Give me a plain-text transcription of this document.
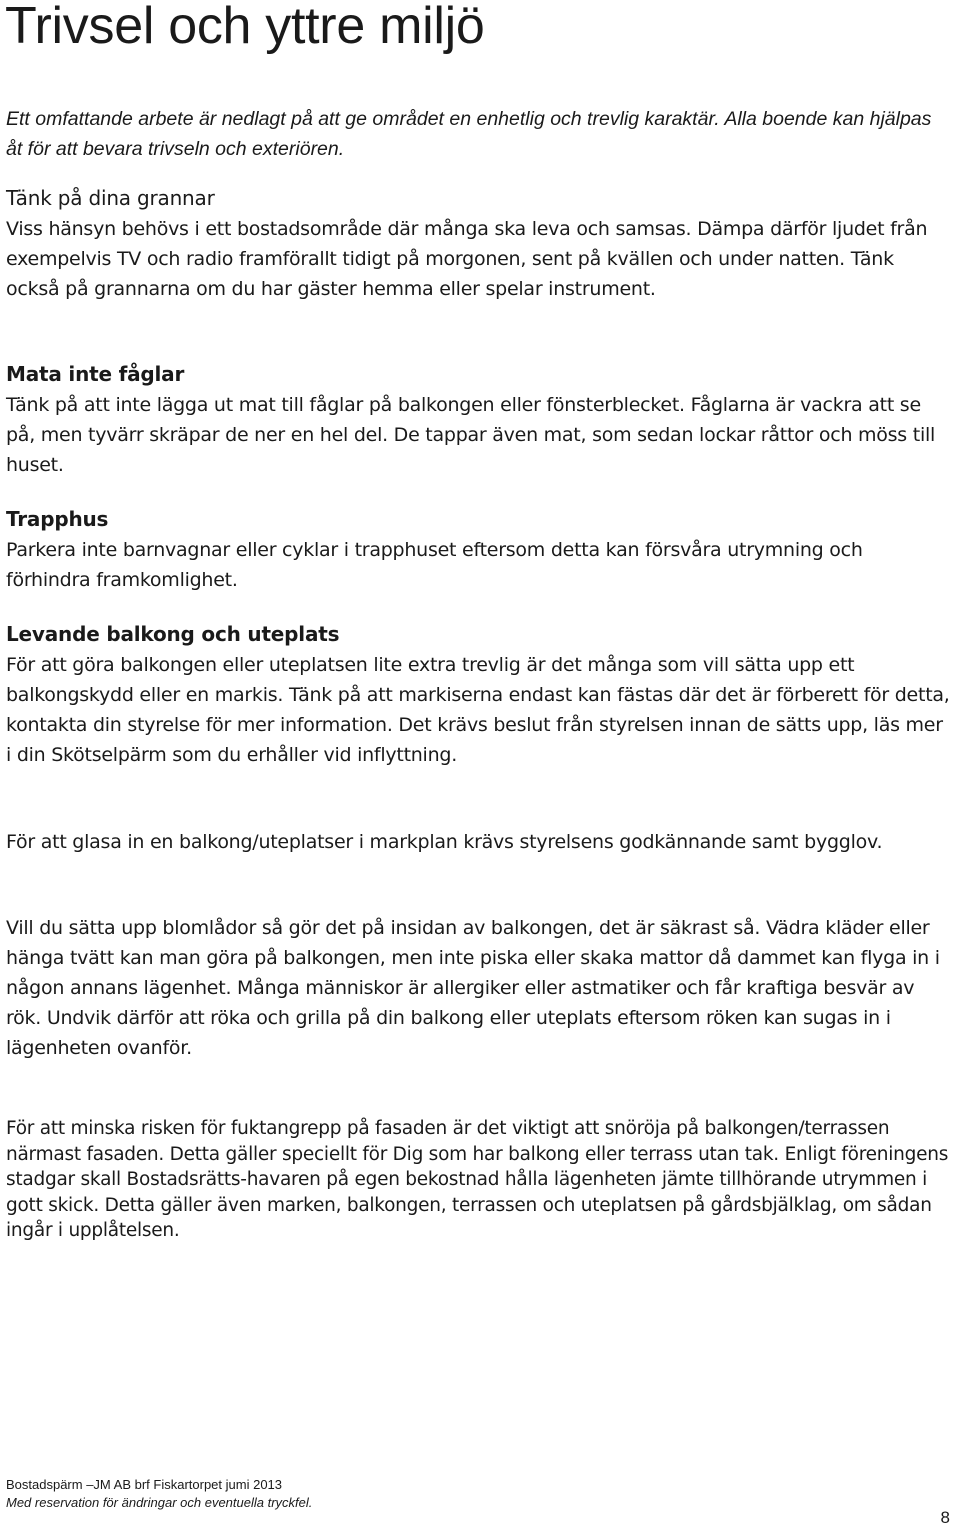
Trivsel och yttre miljö

Ett omfattande arbete är nedlagt på att ge området en enhetlig och trevlig karaktär. Alla boende kan hjälpas åt för att bevara trivseln och exteriören.

Tänk på dina grannar

Viss hänsyn behövs i ett bostadsområde där många ska leva och samsas. Dämpa därför ljudet från exempelvis TV och radio framförallt tidigt på morgonen, sent på kvällen och under natten. Tänk också på grannarna om du har gäster hemma eller spelar instrument.

Mata inte fåglar

Tänk på att inte lägga ut mat till fåglar på balkongen eller fönsterblecket. Fåglarna är vackra att se på, men tyvärr skräpar de ner en hel del. De tappar även mat, som sedan lockar råttor och möss till huset.

Trapphus

Parkera inte barnvagnar eller cyklar i trapphuset eftersom detta kan försvåra utrymning och förhindra framkomlighet.

Levande balkong och uteplats

För att göra balkongen eller uteplatsen lite extra trevlig är det många som vill sätta upp ett balkongskydd eller en markis. Tänk på att markiserna endast kan fästas där det är förberett för detta, kontakta din styrelse för mer information. Det krävs beslut från styrelsen innan de sätts upp, läs mer i din Skötselpärm som du erhåller vid inflyttning.

För att glasa in en balkong/uteplatser i markplan krävs styrelsens godkännande samt bygglov.

Vill du sätta upp blomlådor så gör det på insidan av balkongen, det är säkrast så. Vädra kläder eller hänga tvätt kan man göra på balkongen, men inte piska eller skaka mattor då dammet kan flyga in i någon annans lägenhet. Många människor är allergiker eller astmatiker och får kraftiga besvär av rök. Undvik därför att röka och grilla på din balkong eller uteplats eftersom röken kan sugas in i lägenheten ovanför.

För att minska risken för fuktangrepp på fasaden är det viktigt att snöröja på balkongen/terrassen närmast fasaden. Detta gäller speciellt för Dig som har balkong eller terrass utan tak. Enligt föreningens stadgar skall Bostadsrätts-havaren på egen bekostnad hålla lägenheten jämte tillhörande utrymmen i gott skick. Detta gäller även marken, balkongen, terrassen och uteplatsen på gårdsbjälklag, om sådan ingår i upplåtelsen.

Bostadspärm –JM AB brf Fiskartorpet jumi 2013
Med reservation för ändringar och eventuella tryckfel.
8
